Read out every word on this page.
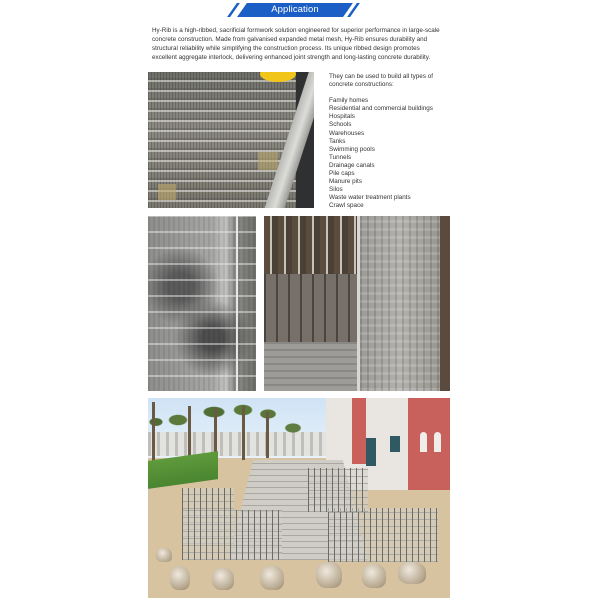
Application

Hy-Rib is a high-ribbed, sacrificial formwork solution engineered for superior performance in large-scale concrete construction. Made from galvanised expanded metal mesh, Hy-Rib ensures durability and structural reliability while simplifying the construction process. Its unique ribbed design promotes excellent aggregate interlock, delivering enhanced joint strength and long-lasting concrete durability.

They can be used to build all types of concrete constructions:

Family homes
Residential and commercial buildings
Hospitals
Schools
Warehouses
Tanks
Swimming pools
Tunnels
Drainage canals
Pile caps
Manure pits
Silos
Waste water treatment plants
Crawl space
